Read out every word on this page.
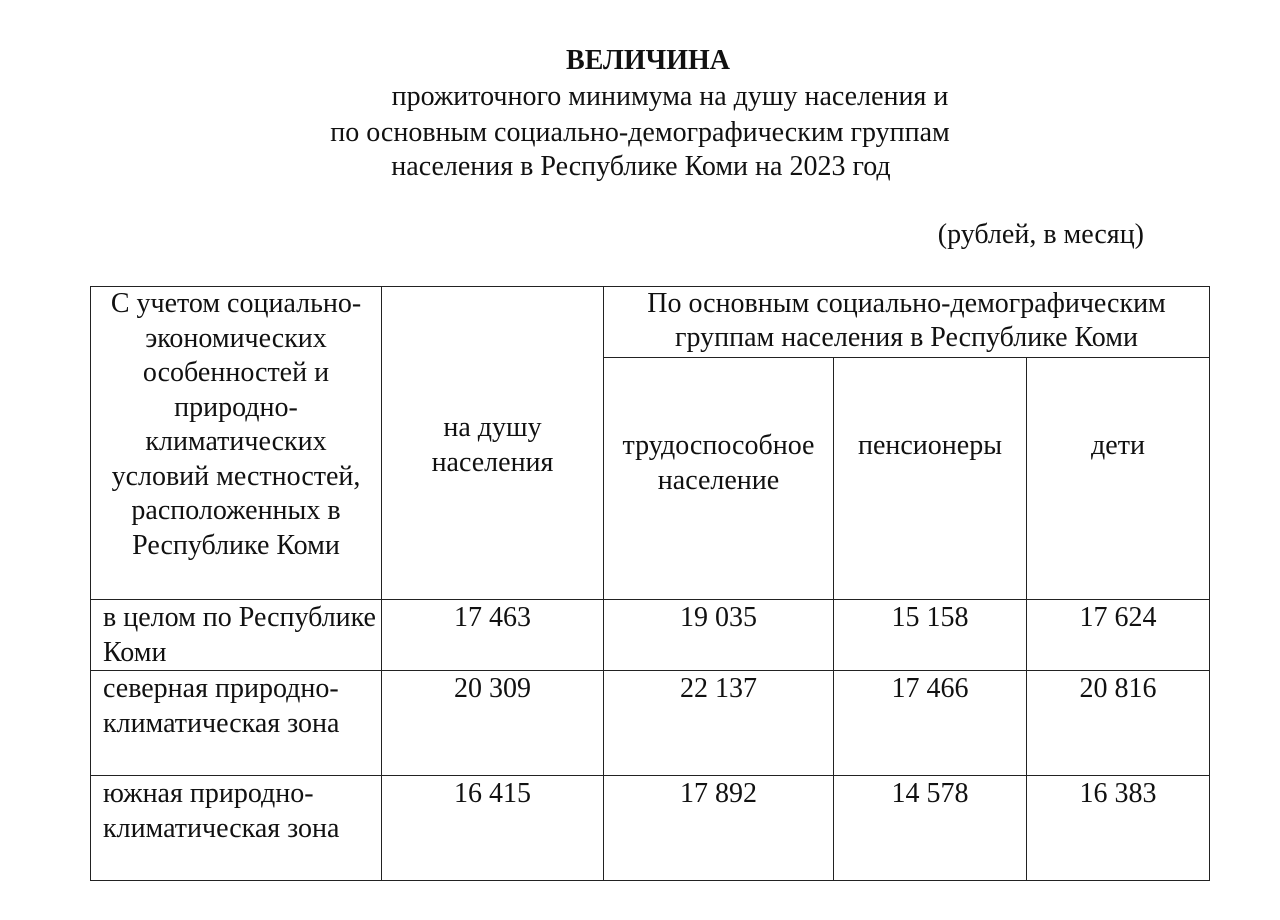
ВЕЛИЧИНА
прожиточного минимума на душу населения и
по основным социально-демографическим группам
населения в Республике Коми на 2023 год
(рублей, в месяц)
С учетом социально-экономических особенностей и природно-климатических условий местностей, расположенных в Республике Коми	на душу населения	По основным социально-демографическим группам населения в Республике Коми		

		трудоспособное население	пенсионеры	дети

в целом по Республике Коми	17 463	19 035	15 158	17 624
северная природно-климатическая зона	20 309	22 137	17 466	20 816
южная природно-климатическая зона	16 415	17 892	14 578	16 383
